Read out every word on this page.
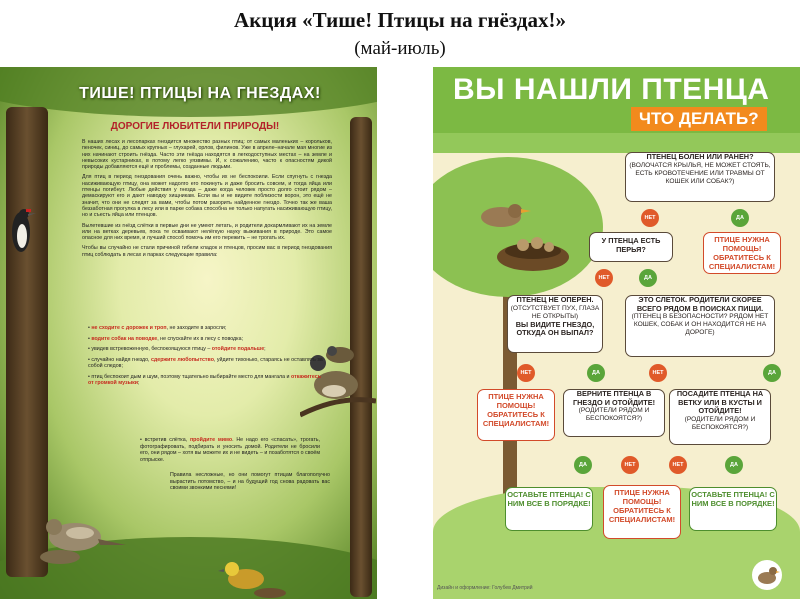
Акция «Тише! Птицы на гнёздах!»
(май-июль)
ТИШЕ! ПТИЦЫ НА ГНЕЗДАХ!
ДОРОГИЕ ЛЮБИТЕЛИ ПРИРОДЫ!

В наших лесах и лесопарках гнездится множество разных птиц: от самых маленьких – корольков, пеночек, синиц, до самых крупных – глухарей, орлов, филинов. Уже в апреле–начале мая многие из них начинают строить гнёзда. Часто эти гнёзда находятся в легкодоступных местах – на земле и невысоких кустарниках, в потому легко уязвимы. И, к сожалению, часто к опасностям дикой природы добавляются ещё и проблемы, созданные людьми.

Для птиц в период гнездования очень важно, чтобы их не беспокоили. Если спугнуть с гнезда насиживающую птицу, она может надолго его покинуть и даже бросить совсем, и тогда яйца или птенцы погибнут. Любые действия у гнезда – даже когда человек просто долго стоит рядом – демаскируют его и дают наводку хищникам. Если вы и не видите поблизости ворон, это ещё не значит, что они не следят за вами, чтобы потом разорить найденное гнездо. Точно так же ваша беззаботная прогулка в лесу или в парке собака способна не только напугать насиживающую птицу, но и съесть яйца или птенцов.

Вылетевшие из гнёзд слётки в первые дни не умеют летать, и родители докармливают их на земле или на ветках деревьев, пока те осваивают нелёгкую науку выживания в природе. Это самое опасное для них время, и лучший способ помочь им его пережить – не трогать их.

Чтобы вы случайно не стали причиной гибели кладок и птенцов, просим вас в период гнездования птиц соблюдать в лесах и парках следующие правила:

• не сходите с дорожек и троп, не заходите в заросли;
• водите собак на поводке, не спускайте их в лесу с поводка;
• увидев встревоженную, беспокоящуюся птицу – отойдите подальше;
• случайно найдя гнездо, сдержите любопытство, уйдите тихонько, стараясь не оставлять за собой следов;
• птиц беспокоит дым и шум, поэтому тщательно выбирайте место для мангала и откажитесь от громкой музыки;
• встретив слётка, пройдите мимо. Не надо его «спасать», трогать, фотографировать, подбирать и уносить домой. Родители не бросили его, они рядом – хотя вы можете их и не видеть – и позаботятся о своём отпрыске.
Правила несложные, но они помогут птицам благополучно вырастить потомство, – и на будущий год снова радовать вас своими звонкими песнями!
ВЫ НАШЛИ ПТЕНЦА
ЧТО ДЕЛАТЬ?
ПТЕНЕЦ БОЛЕН ИЛИ РАНЕН?
(ВОЛОЧАТСЯ КРЫЛЬЯ, НЕ МОЖЕТ СТОЯТЬ, ЕСТЬ КРОВОТЕЧЕНИЕ ИЛИ ТРАВМЫ ОТ КОШЕК ИЛИ СОБАК?)
НЕТ	ДА
У ПТЕНЦА ЕСТЬ ПЕРЬЯ?
ПТИЦЕ НУЖНА ПОМОЩЬ! ОБРАТИТЕСЬ К СПЕЦИАЛИСТАМ!
НЕТ	ДА
ПТЕНЕЦ НЕ ОПЕРЕН.
(ОТСУТСТВУЕТ ПУХ, ГЛАЗА НЕ ОТКРЫТЫ)
ВЫ ВИДИТЕ ГНЕЗДО, ОТКУДА ОН ВЫПАЛ?
ЭТО СЛЕТОК. РОДИТЕЛИ СКОРЕЕ ВСЕГО РЯДОМ В ПОИСКАХ ПИЩИ.
(ПТЕНЕЦ В БЕЗОПАСНОСТИ? РЯДОМ НЕТ КОШЕК, СОБАК И ОН НАХОДИТСЯ НЕ НА ДОРОГЕ)
НЕТ	ДА	НЕТ	ДА
ПТИЦЕ НУЖНА ПОМОЩЬ! ОБРАТИТЕСЬ К СПЕЦИАЛИСТАМ!
ВЕРНИТЕ ПТЕНЦА В ГНЕЗДО И ОТОЙДИТЕ!
(РОДИТЕЛИ РЯДОМ И БЕСПОКОЯТСЯ?)
ПОСАДИТЕ ПТЕНЦА НА ВЕТКУ ИЛИ В КУСТЫ И ОТОЙДИТЕ!
(РОДИТЕЛИ РЯДОМ И БЕСПОКОЯТСЯ?)
ДА	НЕТ	НЕТ	ДА
ОСТАВЬТЕ ПТЕНЦА! С НИМ ВСЕ В ПОРЯДКЕ!
ПТИЦЕ НУЖНА ПОМОЩЬ! ОБРАТИТЕСЬ К СПЕЦИАЛИСТАМ!
ОСТАВЬТЕ ПТЕНЦА! С НИМ ВСЕ В ПОРЯДКЕ!
Дизайн и оформление: Голубев Дмитрий
